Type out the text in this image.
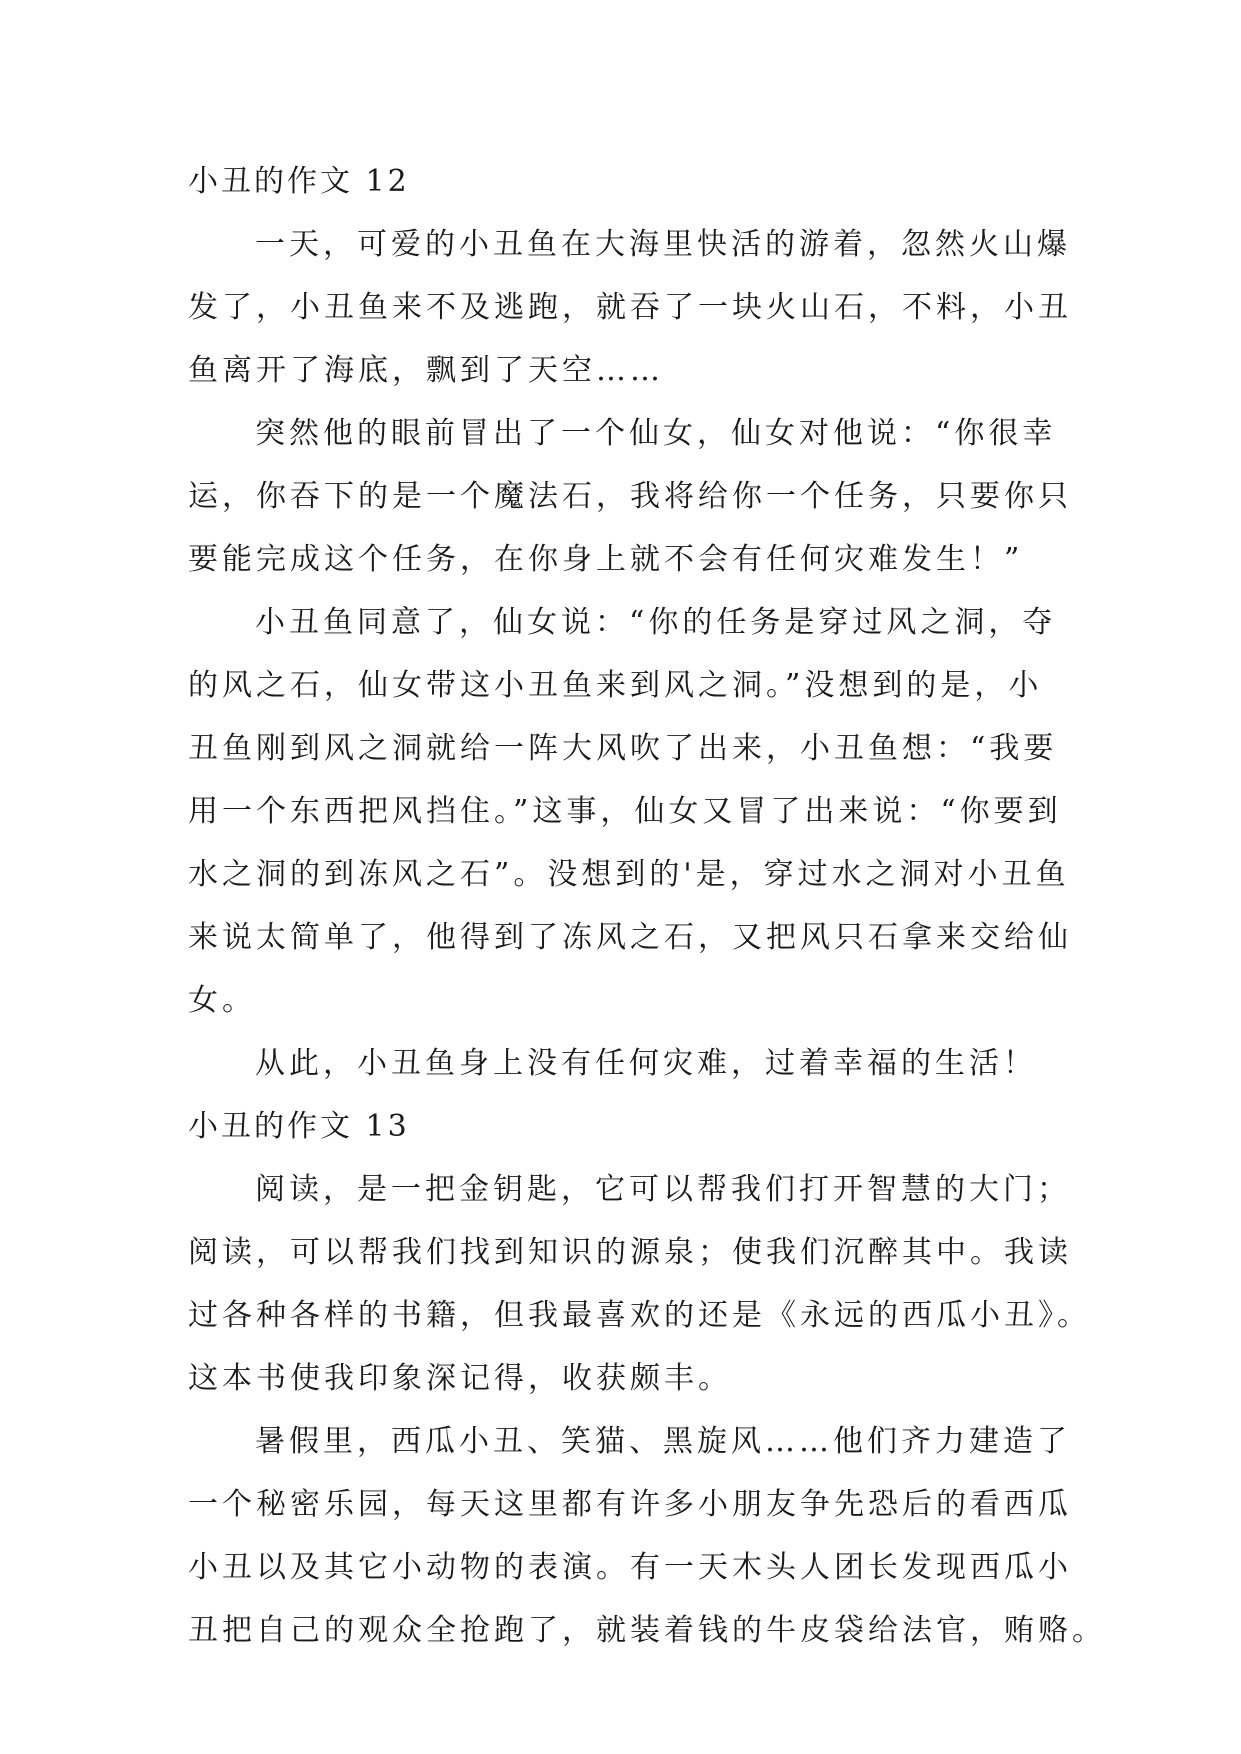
小丑的作文 12

一天，可爱的小丑鱼在大海里快活的游着，忽然火山爆

发了，小丑鱼来不及逃跑，就吞了一块火山石，不料，小丑

鱼离开了海底，飘到了天空……

突然他的眼前冒出了一个仙女，仙女对他说：“你很幸

运，你吞下的是一个魔法石，我将给你一个任务，只要你只

要能完成这个任务，在你身上就不会有任何灾难发生！”

小丑鱼同意了，仙女说：“你的任务是穿过风之洞，夺

的风之石，仙女带这小丑鱼来到风之洞。”没想到的是，小

丑鱼刚到风之洞就给一阵大风吹了出来，小丑鱼想：“我要

用一个东西把风挡住。”这事，仙女又冒了出来说：“你要到

水之洞的到冻风之石”。没想到的'是，穿过水之洞对小丑鱼

来说太简单了，他得到了冻风之石，又把风只石拿来交给仙

女。

从此，小丑鱼身上没有任何灾难，过着幸福的生活！

小丑的作文 13

阅读，是一把金钥匙，它可以帮我们打开智慧的大门；

阅读，可以帮我们找到知识的源泉；使我们沉醉其中。我读

过各种各样的书籍，但我最喜欢的还是《永远的西瓜小丑》。

这本书使我印象深记得，收获颇丰。

暑假里，西瓜小丑、笑猫、黑旋风……他们齐力建造了

一个秘密乐园，每天这里都有许多小朋友争先恐后的看西瓜

小丑以及其它小动物的表演。有一天木头人团长发现西瓜小

丑把自己的观众全抢跑了，就装着钱的牛皮袋给法官，贿赂。
